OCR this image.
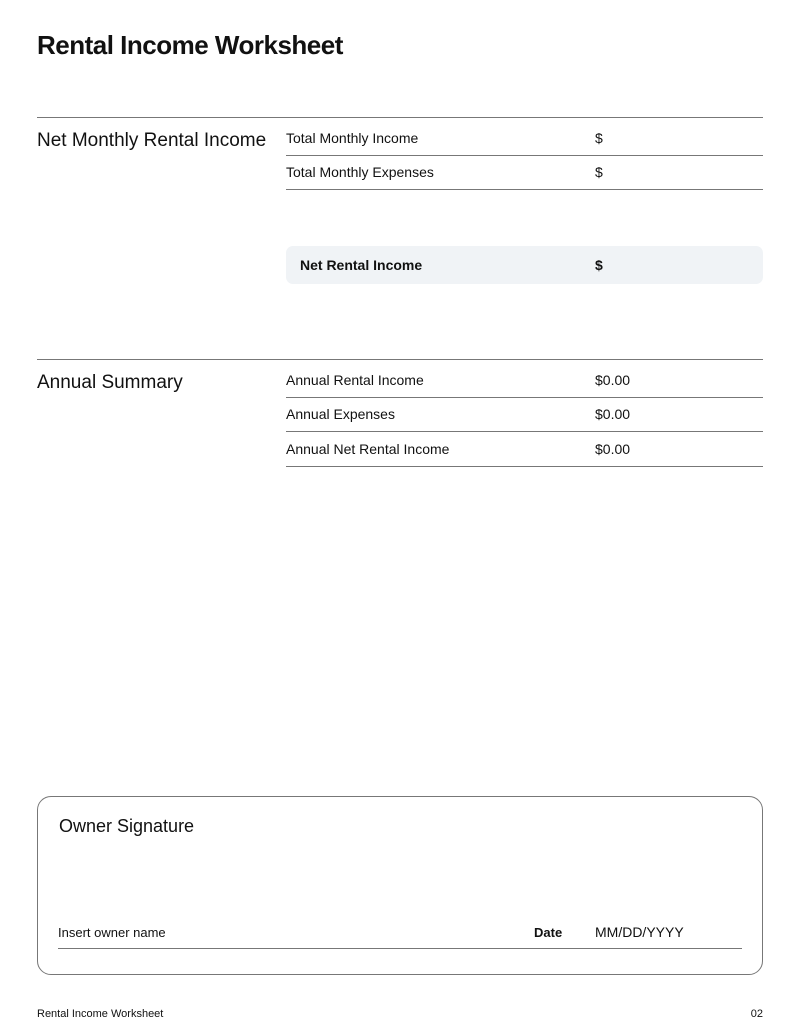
Rental Income Worksheet
Net Monthly Rental Income Total Monthly Income	$
Total Monthly Expenses	$
Net Rental Income	$
Annual Summary	Annual Rental Income	$0.00
Annual Expenses	$0.00
Annual Net Rental Income	$0.00
Owner Signature
Insert owner name	Date MM/DD/YYYY
Rental Income Worksheet	02
